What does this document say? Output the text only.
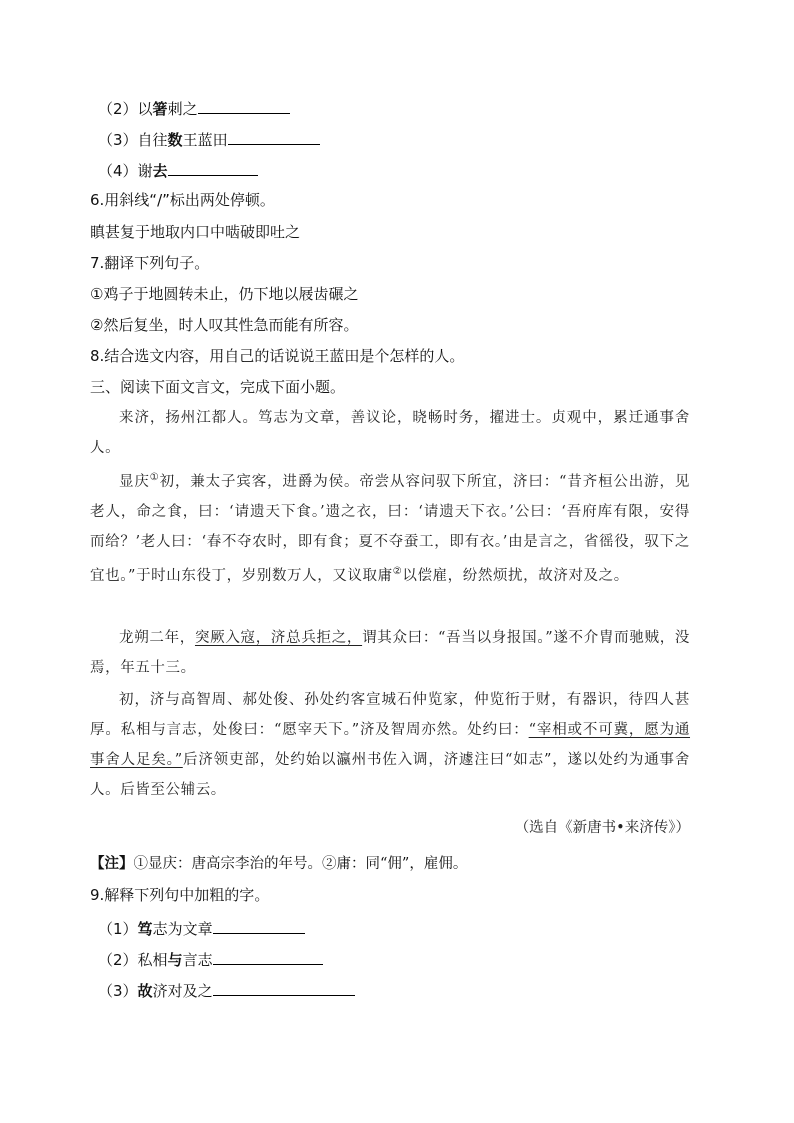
（2）以箸刺之
（3）自往数王蓝田
（4）谢去
6.用斜线“/”标出两处停顿。
瞋甚复于地取内口中啮破即吐之
7.翻译下列句子。
①鸡子于地圆转未止，仍下地以屐齿碾之
②然后复坐，时人叹其性急而能有所容。
8.结合选文内容，用自己的话说说王蓝田是个怎样的人。
三、阅读下面文言文，完成下面小题。

来济，扬州江都人。笃志为文章，善议论，晓畅时务，擢进士。贞观中，累迁通事舍人。

显庆①初，兼太子宾客，进爵为侯。帝尝从容问驭下所宜，济曰：“昔齐桓公出游，见老人，命之食，曰：‘请遗天下食。’遗之衣，曰：‘请遗天下衣。’公曰：‘吾府库有限，安得而给？’老人曰：‘春不夺农时，即有食；夏不夺蚕工，即有衣。’由是言之，省徭役，驭下之宜也。”于时山东役丁，岁别数万人，又议取庸②以偿雇，纷然烦扰，故济对及之。

龙朔二年，突厥入寇，济总兵拒之，谓其众曰：“吾当以身报国。”遂不介胄而驰贼，没焉，年五十三。

初，济与高智周、郝处俊、孙处约客宣城石仲览家，仲览衎于财，有器识，待四人甚厚。私相与言志，处俊曰：“愿宰天下。”济及智周亦然。处约曰：“宰相或不可冀，愿为通事舍人足矣。”后济领吏部，处约始以瀛州书佐入调，济遽注曰“如志”，遂以处约为通事舍人。后皆至公辅云。

（选自《新唐书•来济传》）
【注】①显庆：唐高宗李治的年号。②庸：同“佣”，雇佣。
9.解释下列句中加粗的字。
（1）笃志为文章
（2）私相与言志
（3）故济对及之
